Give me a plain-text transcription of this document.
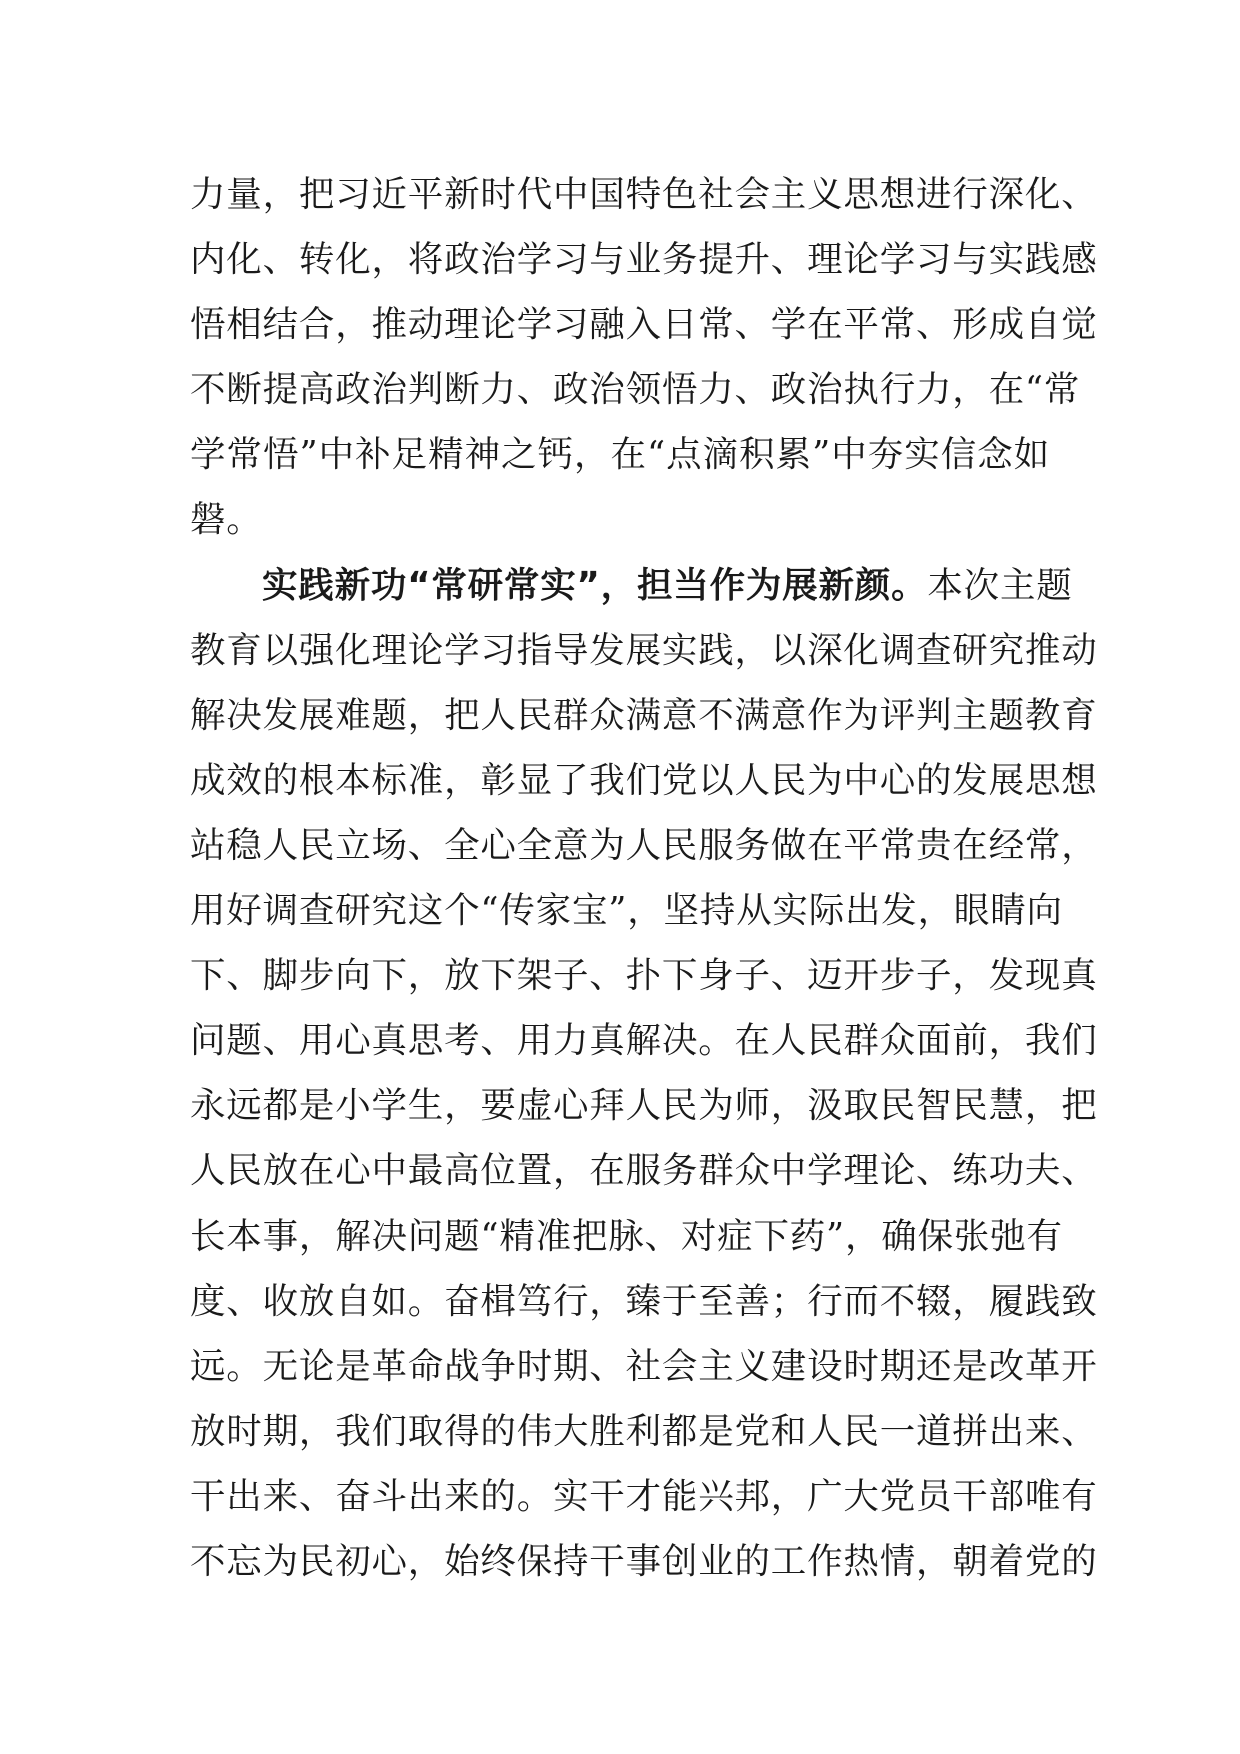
力量，把习近平新时代中国特色社会主义思想进行深化、
内化、转化，将政治学习与业务提升、理论学习与实践感
悟相结合，推动理论学习融入日常、学在平常、形成自觉
不断提高政治判断力、政治领悟力、政治执行力，在“常
学常悟”中补足精神之钙，在“点滴积累”中夯实信念如
磐。
实践新功“常研常实”，担当作为展新颜。本次主题
教育以强化理论学习指导发展实践，以深化调查研究推动
解决发展难题，把人民群众满意不满意作为评判主题教育
成效的根本标准，彰显了我们党以人民为中心的发展思想
站稳人民立场、全心全意为人民服务做在平常贵在经常，
用好调查研究这个“传家宝”，坚持从实际出发，眼睛向
下、脚步向下，放下架子、扑下身子、迈开步子，发现真
问题、用心真思考、用力真解决。在人民群众面前，我们
永远都是小学生，要虚心拜人民为师，汲取民智民慧，把
人民放在心中最高位置，在服务群众中学理论、练功夫、
长本事，解决问题“精准把脉、对症下药”，确保张弛有
度、收放自如。奋楫笃行，臻于至善；行而不辍，履践致
远。无论是革命战争时期、社会主义建设时期还是改革开
放时期，我们取得的伟大胜利都是党和人民一道拼出来、
干出来、奋斗出来的。实干才能兴邦，广大党员干部唯有
不忘为民初心，始终保持干事创业的工作热情，朝着党的
